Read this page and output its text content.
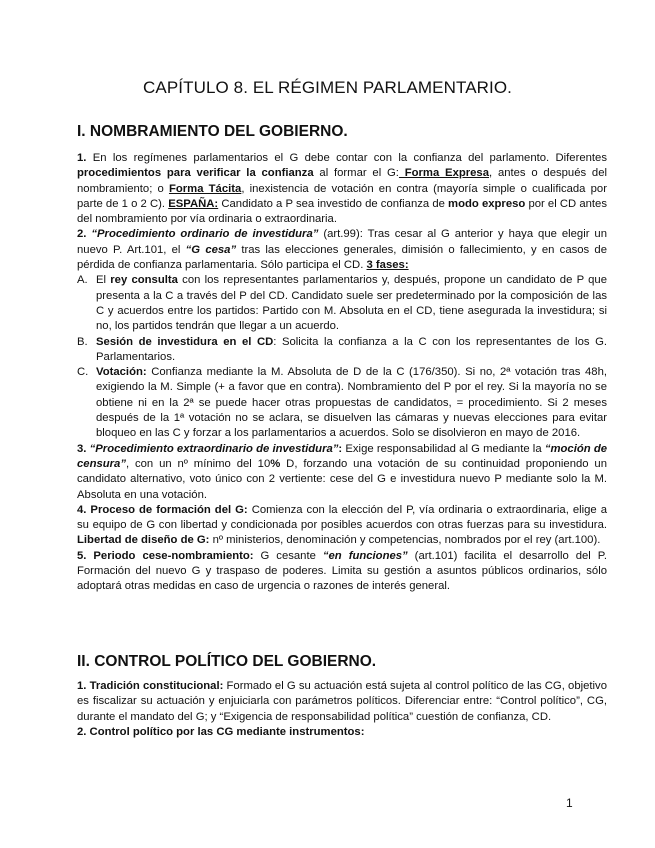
CAPÍTULO 8. EL RÉGIMEN PARLAMENTARIO.
I. NOMBRAMIENTO DEL GOBIERNO.

1. En los regímenes parlamentarios el G debe contar con la confianza del parlamento. Diferentes procedimientos para verificar la confianza al formar el G: Forma Expresa, antes o después del nombramiento; o Forma Tácita, inexistencia de votación en contra (mayoría simple o cualificada por parte de 1 o 2 C). ESPAÑA: Candidato a P sea investido de confianza de modo expreso por el CD antes del nombramiento por vía ordinaria o extraordinaria.

2. “Procedimiento ordinario de investidura” (art.99): Tras cesar al G anterior y haya que elegir un nuevo P. Art.101, el “G cesa” tras las elecciones generales, dimisión o fallecimiento, y en casos de pérdida de confianza parlamentaria. Sólo participa el CD. 3 fases:

A. El rey consulta con los representantes parlamentarios y, después, propone un candidato de P que presenta a la C a través del P del CD. Candidato suele ser predeterminado por la composición de las C y acuerdos entre los partidos: Partido con M. Absoluta en el CD, tiene asegurada la investidura; si no, los partidos tendrán que llegar a un acuerdo.

B. Sesión de investidura en el CD: Solicita la confianza a la C con los representantes de los G. Parlamentarios.

C. Votación: Confianza mediante la M. Absoluta de D de la C (176/350). Si no, 2ª votación tras 48h, exigiendo la M. Simple (+ a favor que en contra). Nombramiento del P por el rey. Si la mayoría no se obtiene ni en la 2ª se puede hacer otras propuestas de candidatos, = procedimiento. Si 2 meses después de la 1ª votación no se aclara, se disuelven las cámaras y nuevas elecciones para evitar bloqueo en las C y forzar a los parlamentarios a acuerdos. Solo se disolvieron en mayo de 2016.

3. “Procedimiento extraordinario de investidura”: Exige responsabilidad al G mediante la “moción de censura”, con un nº mínimo del 10% D, forzando una votación de su continuidad proponiendo un candidato alternativo, voto único con 2 vertiente: cese del G e investidura nuevo P mediante solo la M. Absoluta en una votación.

4. Proceso de formación del G: Comienza con la elección del P, vía ordinaria o extraordinaria, elige a su equipo de G con libertad y condicionada por posibles acuerdos con otras fuerzas para su investidura. Libertad de diseño de G: nº ministerios, denominación y competencias, nombrados por el rey (art.100).

5. Periodo cese-nombramiento: G cesante “en funciones” (art.101) facilita el desarrollo del P. Formación del nuevo G y traspaso de poderes. Limita su gestión a asuntos públicos ordinarios, sólo adoptará otras medidas en caso de urgencia o razones de interés general.

II. CONTROL POLÍTICO DEL GOBIERNO.

1. Tradición constitucional: Formado el G su actuación está sujeta al control político de las CG, objetivo es fiscalizar su actuación y enjuiciarla con parámetros políticos. Diferenciar entre: “Control político”, CG, durante el mandato del G; y “Exigencia de responsabilidad política” cuestión de confianza, CD.

2. Control político por las CG mediante instrumentos:

1
